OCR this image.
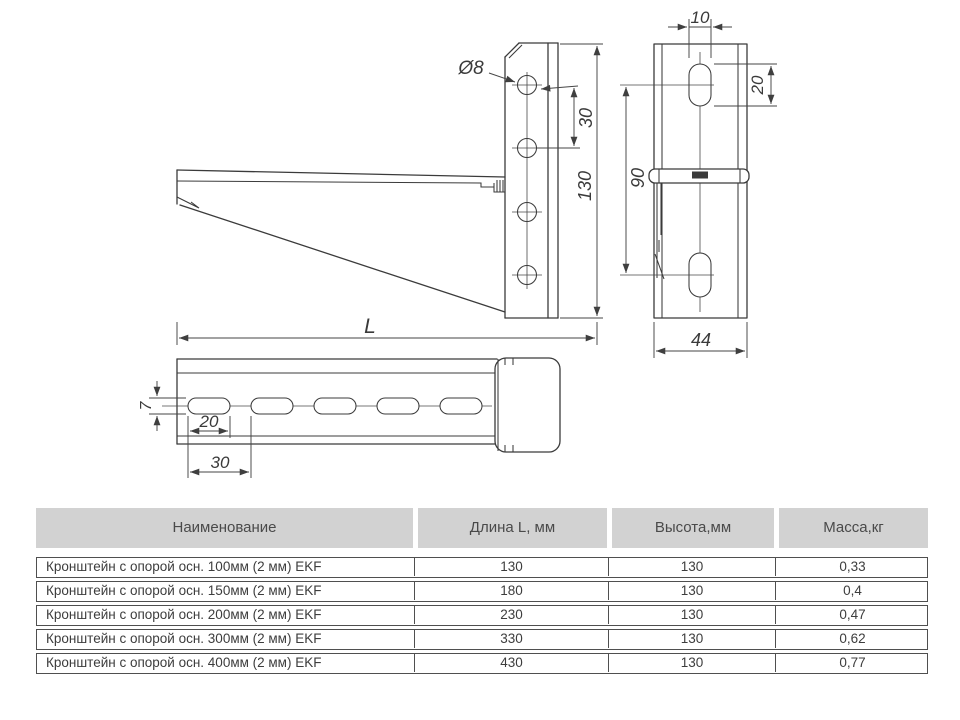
Ø8
30
130
L
10
20
90
44
7
20
30
Наименование	Длина L, мм	Высота,мм	Масса,кг
Кронштейн с опорой осн. 100мм (2 мм) EKF	130	130	0,33
Кронштейн с опорой осн. 150мм (2 мм) EKF	180	130	0,4
Кронштейн с опорой осн. 200мм (2 мм) EKF	230	130	0,47
Кронштейн с опорой осн. 300мм (2 мм) EKF	330	130	0,62
Кронштейн с опорой осн. 400мм (2 мм) EKF	430	130	0,77
